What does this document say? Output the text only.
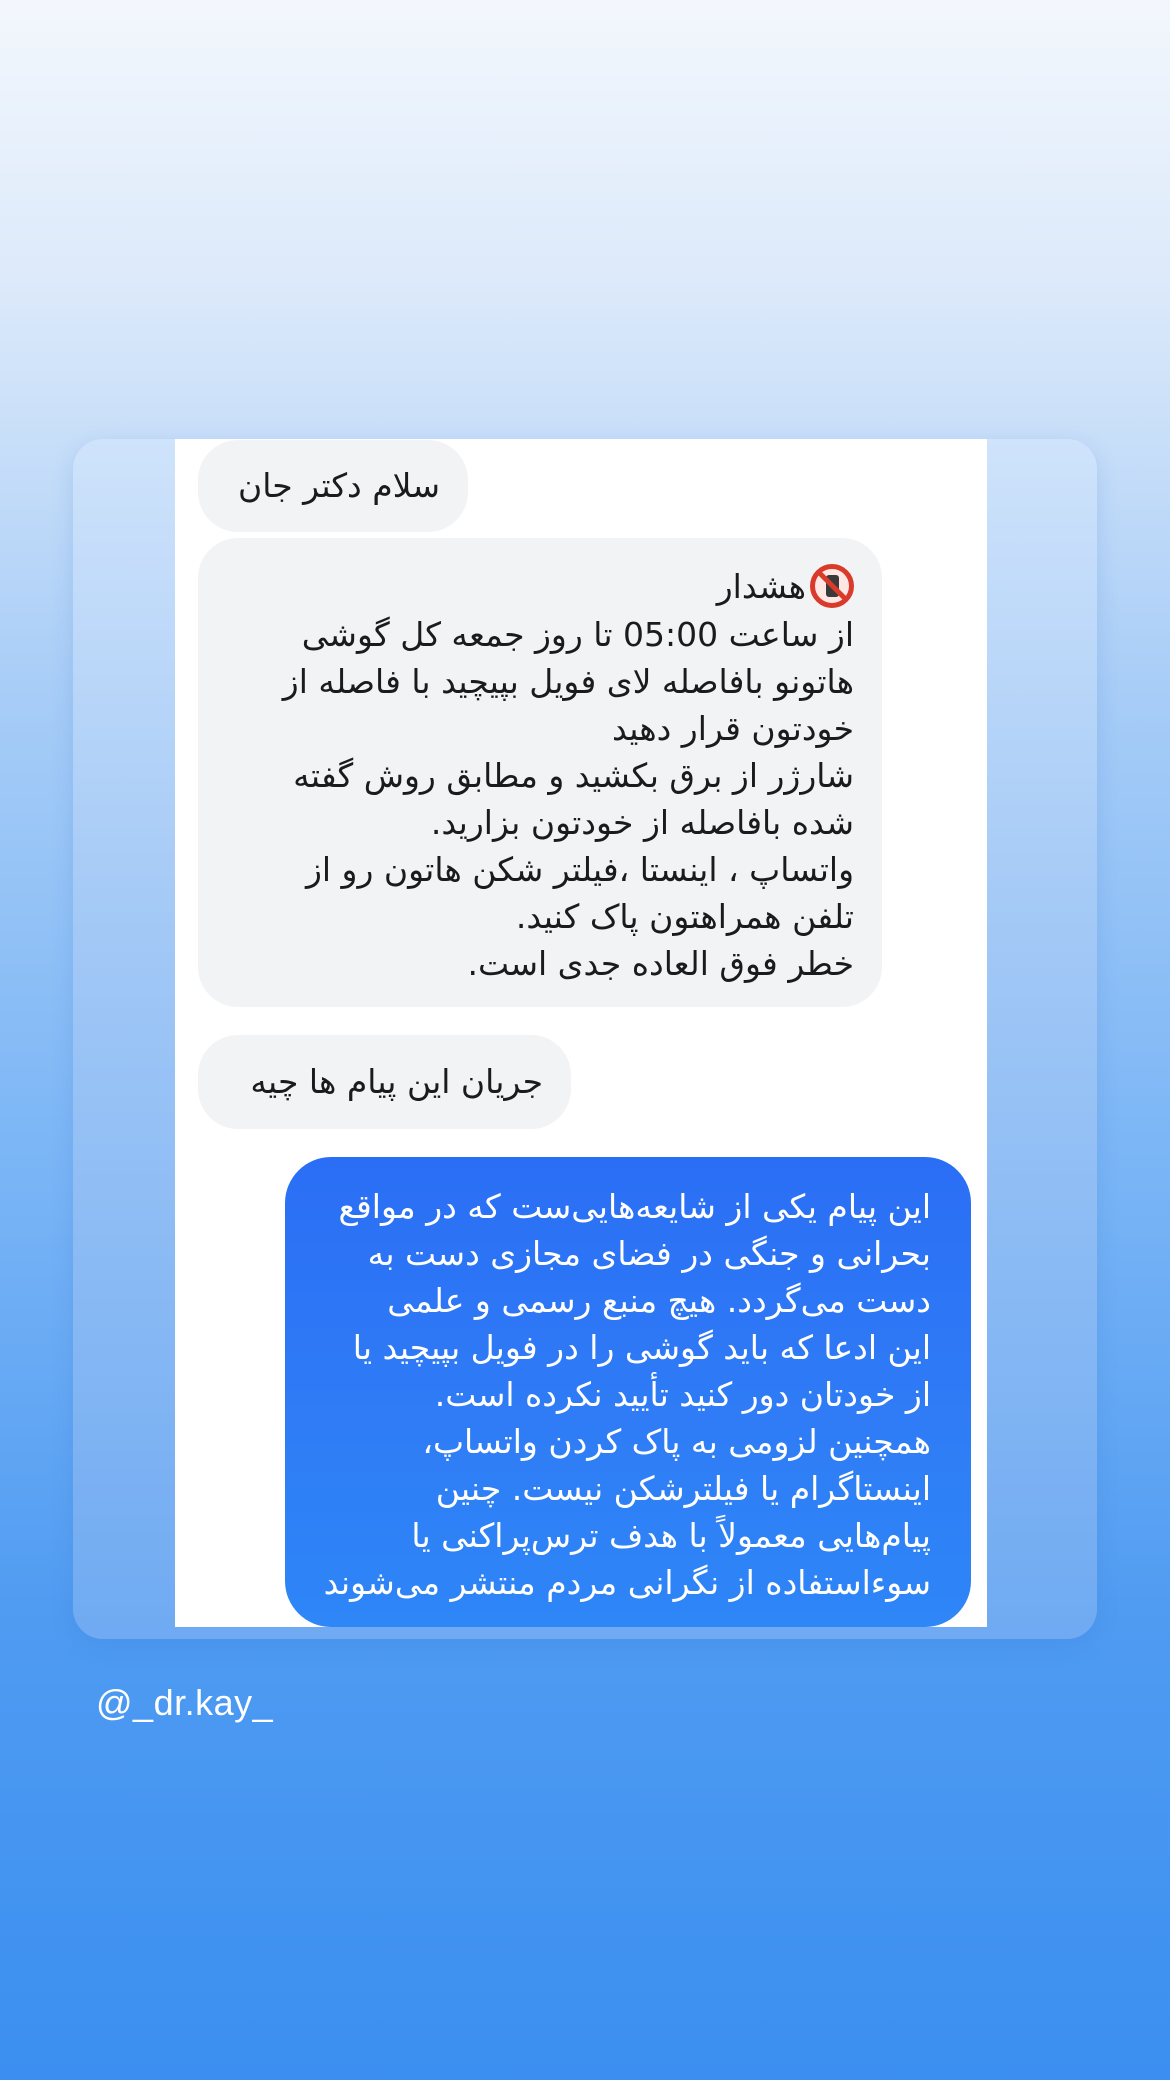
سلام دکتر جان
هشدار
از ساعت 05:00 تا روز جمعه کل گوشی
هاتونو بافاصله لای فویل بپیچید با فاصله از
خودتون قرار دهید
شارژر از برق بکشید و مطابق روش گفته
شده بافاصله از خودتون بزارید.
واتساپ ، اینستا ،فیلتر شکن هاتون رو از
تلفن همراهتون پاک کنید.
خطر فوق العاده جدی است.
جریان این پیام ها چیه
این پیام یکی از شایعه‌هایی‌ست که در مواقع
بحرانی و جنگی در فضای مجازی دست به
دست می‌گردد. هیچ منبع رسمی و علمی
این ادعا که باید گوشی را در فویل بپیچید یا
از خودتان دور کنید تأیید نکرده است.
همچنین لزومی به پاک کردن واتساپ،
اینستاگرام یا فیلترشکن نیست. چنین
پیام‌هایی معمولاً با هدف ترس‌پراکنی یا
سوءاستفاده از نگرانی مردم منتشر می‌شوند
@_dr.kay_
